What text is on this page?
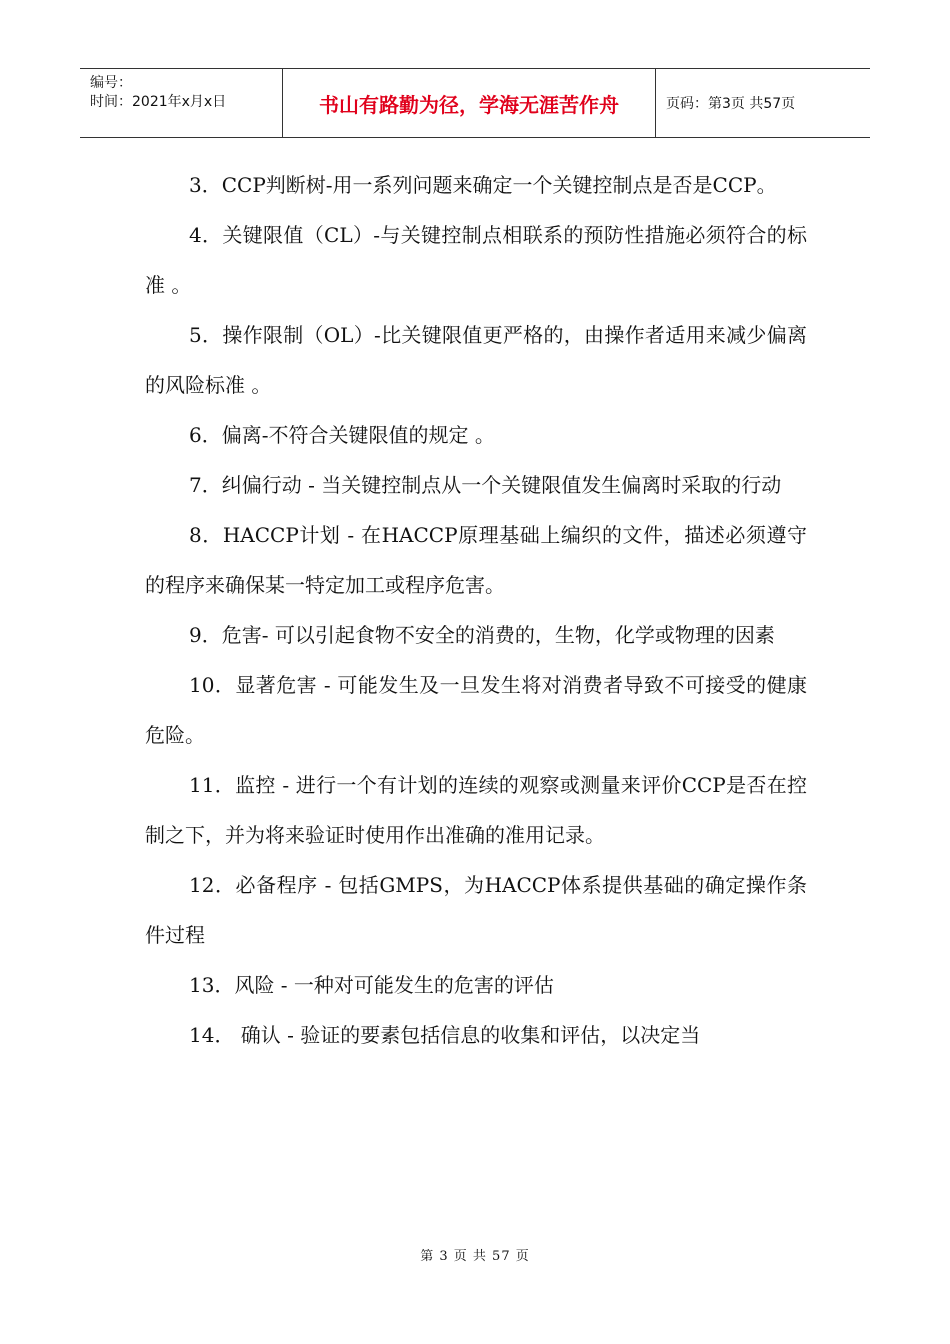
编号：
时间：2021年x月x日	书山有路勤为径，学海无涯苦作舟	页码：第3页 共57页

3．CCP判断树-用一系列问题来确定一个关键控制点是否是CCP。

4．关键限值（CL）-与关键控制点相联系的预防性措施必须符合的标准 。

5．操作限制（OL）-比关键限值更严格的，由操作者适用来减少偏离的风险标准 。

6．偏离-不符合关键限值的规定 。

7．纠偏行动 - 当关键控制点从一个关键限值发生偏离时采取的行动

8．HACCP计划 - 在HACCP原理基础上编织的文件，描述必须遵守的程序来确保某一特定加工或程序危害。

9．危害- 可以引起食物不安全的消费的，生物，化学或物理的因素

10．显著危害 - 可能发生及一旦发生将对消费者导致不可接受的健康危险。

11．监控 - 进行一个有计划的连续的观察或测量来评价CCP是否在控制之下，并为将来验证时使用作出准确的准用记录。

12．必备程序 - 包括GMPS，为HACCP体系提供基础的确定操作条件过程

13．风险 - 一种对可能发生的危害的评估

14． 确认 - 验证的要素包括信息的收集和评估，以决定当

第 3 页 共 57 页
